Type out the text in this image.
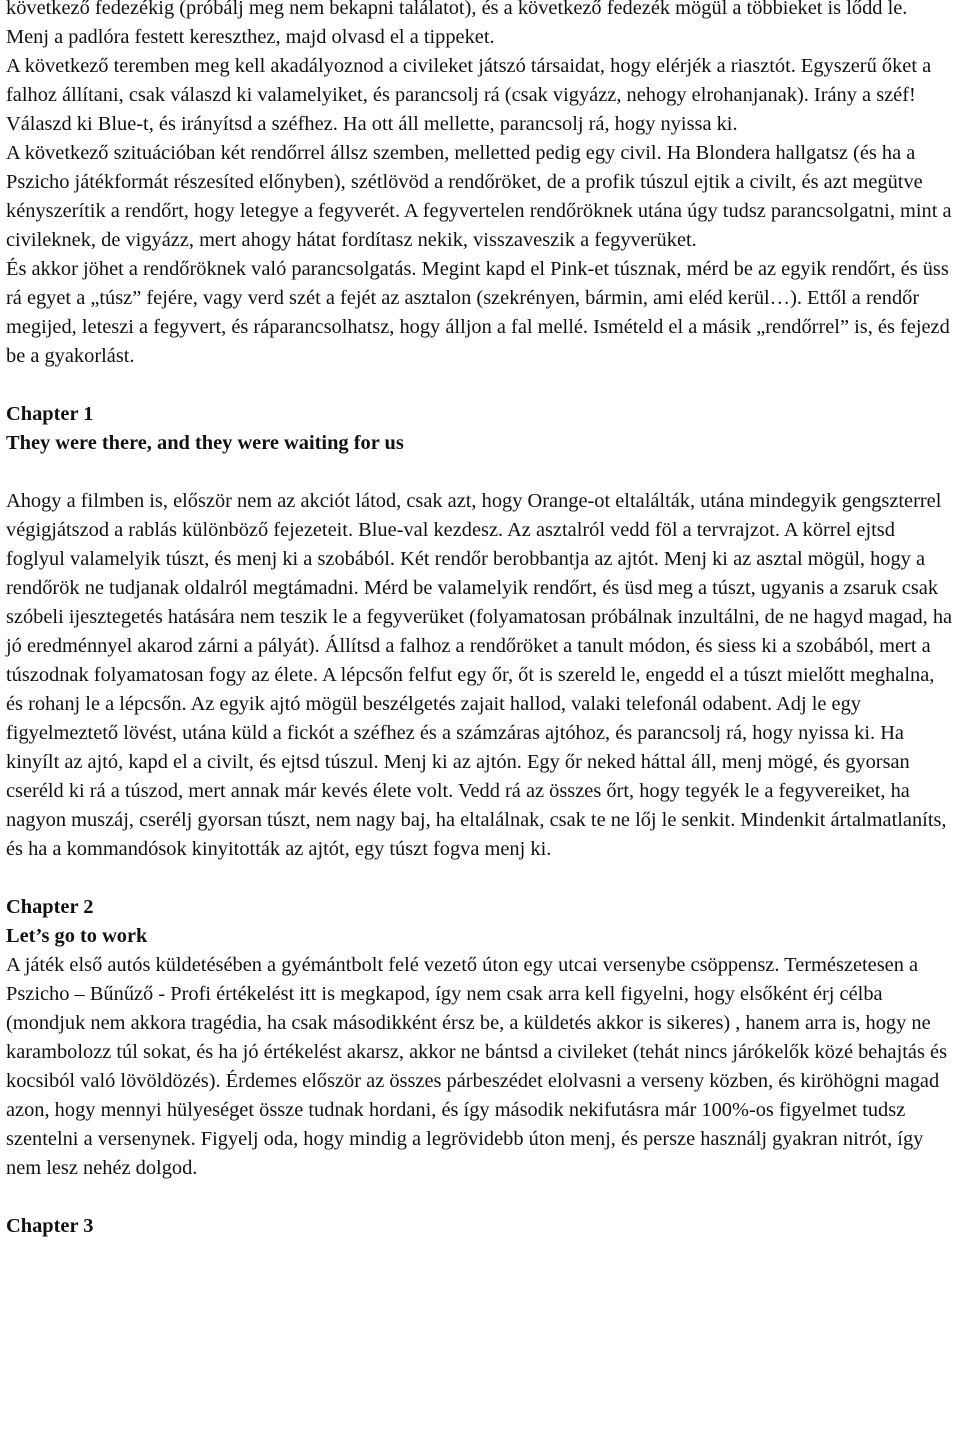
következő fedezékig (próbálj meg nem bekapni találatot), és a következő fedezék mögül a többieket is lődd le. Menj a padlóra festett kereszthez, majd olvasd el a tippeket.

A következő teremben meg kell akadályoznod a civileket játszó társaidat, hogy elérjék a riasztót. Egyszerű őket a falhoz állítani, csak válaszd ki valamelyiket, és parancsolj rá (csak vigyázz, nehogy elrohanjanak). Irány a széf! Válaszd ki Blue-t, és irányítsd a széfhez. Ha ott áll mellette, parancsolj rá, hogy nyissa ki.

A következő szituációban két rendőrrel állsz szemben, melletted pedig egy civil. Ha Blondera hallgatsz (és ha a Pszicho játékformát részesíted előnyben), szétlövöd a rendőröket, de a profik túszul ejtik a civilt, és azt megütve kényszerítik a rendőrt, hogy letegye a fegyverét. A fegyvertelen rendőröknek utána úgy tudsz parancsolgatni, mint a civileknek, de vigyázz, mert ahogy hátat fordítasz nekik, visszaveszik a fegyverüket.

És akkor jöhet a rendőröknek való parancsolgatás. Megint kapd el Pink-et túsznak, mérd be az egyik rendőrt, és üss rá egyet a „túsz” fejére, vagy verd szét a fejét az asztalon (szekrényen, bármin, ami eléd kerül…). Ettől a rendőr megijed, leteszi a fegyvert, és ráparancsolhatsz, hogy álljon a fal mellé. Ismételd el a másik „rendőrrel” is, és fejezd be a gyakorlást.

Chapter 1

They were there, and they were waiting for us

Ahogy a filmben is, először nem az akciót látod, csak azt, hogy Orange-ot eltalálták, utána mindegyik gengszterrel végigjátszod a rablás különböző fejezeteit. Blue-val kezdesz. Az asztalról vedd föl a tervrajzot. A körrel ejtsd foglyul valamelyik túszt, és menj ki a szobából. Két rendőr berobbantja az ajtót. Menj ki az asztal mögül, hogy a rendőrök ne tudjanak oldalról megtámadni. Mérd be valamelyik rendőrt, és üsd meg a túszt, ugyanis a zsaruk csak szóbeli ijesztegetés hatására nem teszik le a fegyverüket (folyamatosan próbálnak inzultálni, de ne hagyd magad, ha jó eredménnyel akarod zárni a pályát). Állítsd a falhoz a rendőröket a tanult módon, és siess ki a szobából, mert a túszodnak folyamatosan fogy az élete. A lépcsőn felfut egy őr, őt is szereld le, engedd el a túszt mielőtt meghalna, és rohanj le a lépcsőn. Az egyik ajtó mögül beszélgetés zajait hallod, valaki telefonál odabent. Adj le egy figyelmeztető lövést, utána küld a fickót a széfhez és a számzáras ajtóhoz, és parancsolj rá, hogy nyissa ki. Ha kinyílt az ajtó, kapd el a civilt, és ejtsd túszul. Menj ki az ajtón. Egy őr neked háttal áll, menj mögé, és gyorsan cseréld ki rá a túszod, mert annak már kevés élete volt. Vedd rá az összes őrt, hogy tegyék le a fegyvereiket, ha nagyon muszáj, cserélj gyorsan túszt, nem nagy baj, ha eltalálnak, csak te ne lőj le senkit. Mindenkit ártalmatlaníts, és ha a kommandósok kinyitották az ajtót, egy túszt fogva menj ki.

Chapter 2

Let’s go to work

A játék első autós küldetésében a gyémántbolt felé vezető úton egy utcai versenybe csöppensz. Természetesen a Pszicho – Bűnűző - Profi értékelést itt is megkapod, így nem csak arra kell figyelni, hogy elsőként érj célba (mondjuk nem akkora tragédia, ha csak másodikként érsz be, a küldetés akkor is sikeres) , hanem arra is, hogy ne karambolozz túl sokat, és ha jó értékelést akarsz, akkor ne bántsd a civileket (tehát nincs járókelők közé behajtás és kocsiból való lövöldözés). Érdemes először az összes párbeszédet elolvasni a verseny közben, és kiröhögni magad azon, hogy mennyi hülyeséget össze tudnak hordani, és így második nekifutásra már 100%-os figyelmet tudsz szentelni a versenynek. Figyelj oda, hogy mindig a legrövidebb úton menj, és persze használj gyakran nitrót, így nem lesz nehéz dolgod.

Chapter 3
